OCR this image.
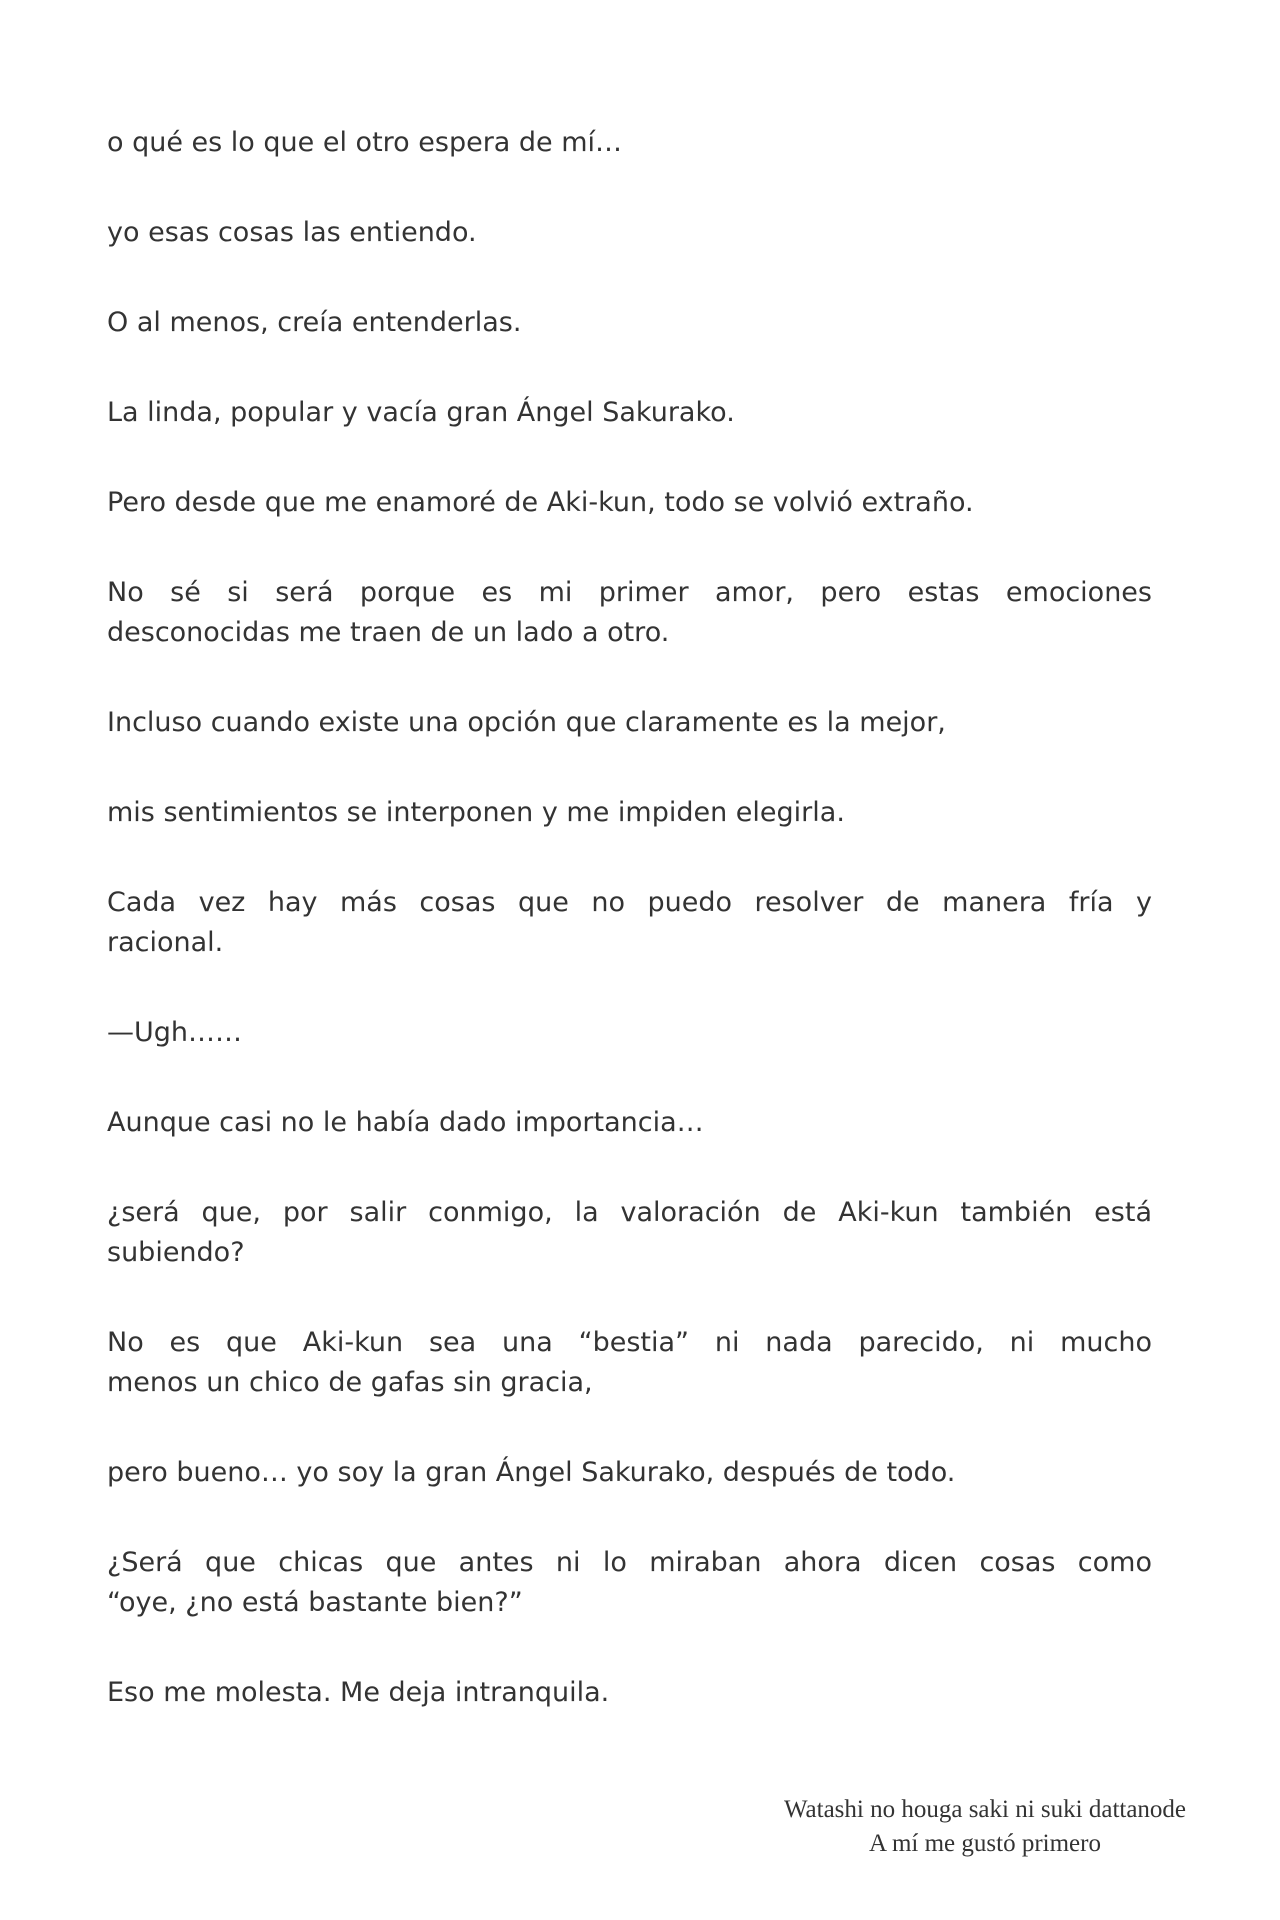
o qué es lo que el otro espera de mí…

yo esas cosas las entiendo.

O al menos, creía entenderlas.

La linda, popular y vacía gran Ángel Sakurako.

Pero desde que me enamoré de Aki-kun, todo se volvió extraño.

No sé si será porque es mi primer amor, pero estas emociones
desconocidas me traen de un lado a otro.

Incluso cuando existe una opción que claramente es la mejor,

mis sentimientos se interponen y me impiden elegirla.

Cada vez hay más cosas que no puedo resolver de manera fría y
racional.

—Ugh……

Aunque casi no le había dado importancia…

¿será que, por salir conmigo, la valoración de Aki-kun también está
subiendo?

No es que Aki-kun sea una “bestia” ni nada parecido, ni mucho
menos un chico de gafas sin gracia,

pero bueno… yo soy la gran Ángel Sakurako, después de todo.

¿Será que chicas que antes ni lo miraban ahora dicen cosas como
“oye, ¿no está bastante bien?”

Eso me molesta. Me deja intranquila.

Watashi no houga saki ni suki dattanode
A mí me gustó primero
